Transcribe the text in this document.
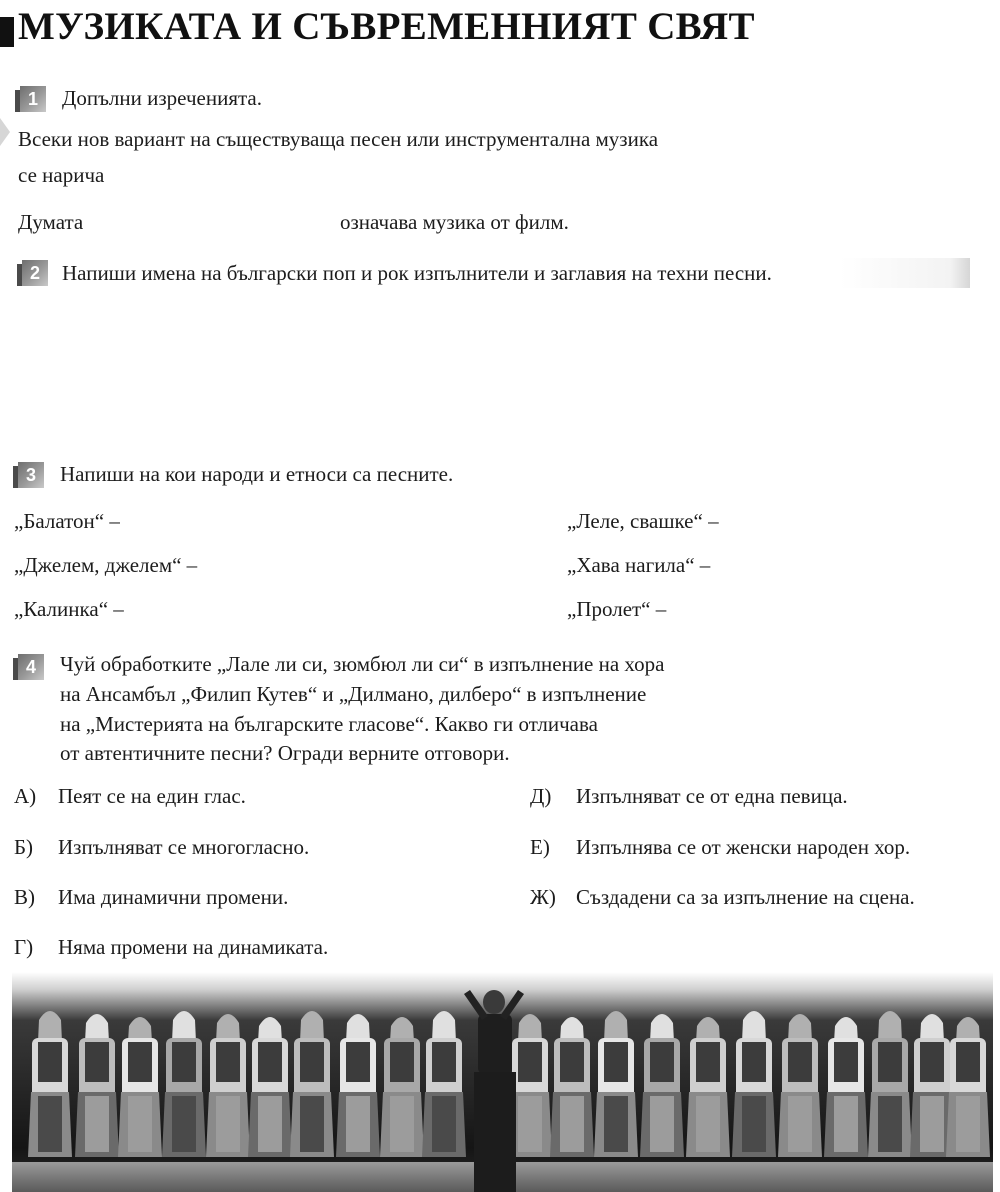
МУЗИКАТА И СЪВРЕМЕННИЯТ СВЯТ
1	Допълни изреченията.
Всеки нов вариант на съществуваща песен или инструментална музика
се нарича
Думата	означава музика от филм.
2	Напиши имена на български поп и рок изпълнители и заглавия на техни песни.
3	Напиши на кои народи и етноси са песните.
„Балатон“ –
„Джелем, джелем“ –
„Калинка“ –
„Леле, свашке“ –
„Хава нагила“ –
„Пролет“ –
4	Чуй обработките „Лале ли си, зюмбюл ли си“ в изпълнение на хора
на Ансамбъл „Филип Кутев“ и „Дилмано, дилберо“ в изпълнение
на „Мистерията на българските гласове“. Какво ги отличава
от автентичните песни? Огради верните отговори.
А) Пеят се на един глас.
Б) Изпълняват се многогласно.
В) Има динамични промени.
Г) Няма промени на динамиката.
Д) Изпълняват се от една певица.
Е) Изпълнява се от женски народен хор.
Ж) Създадени са за изпълнение на сцена.
